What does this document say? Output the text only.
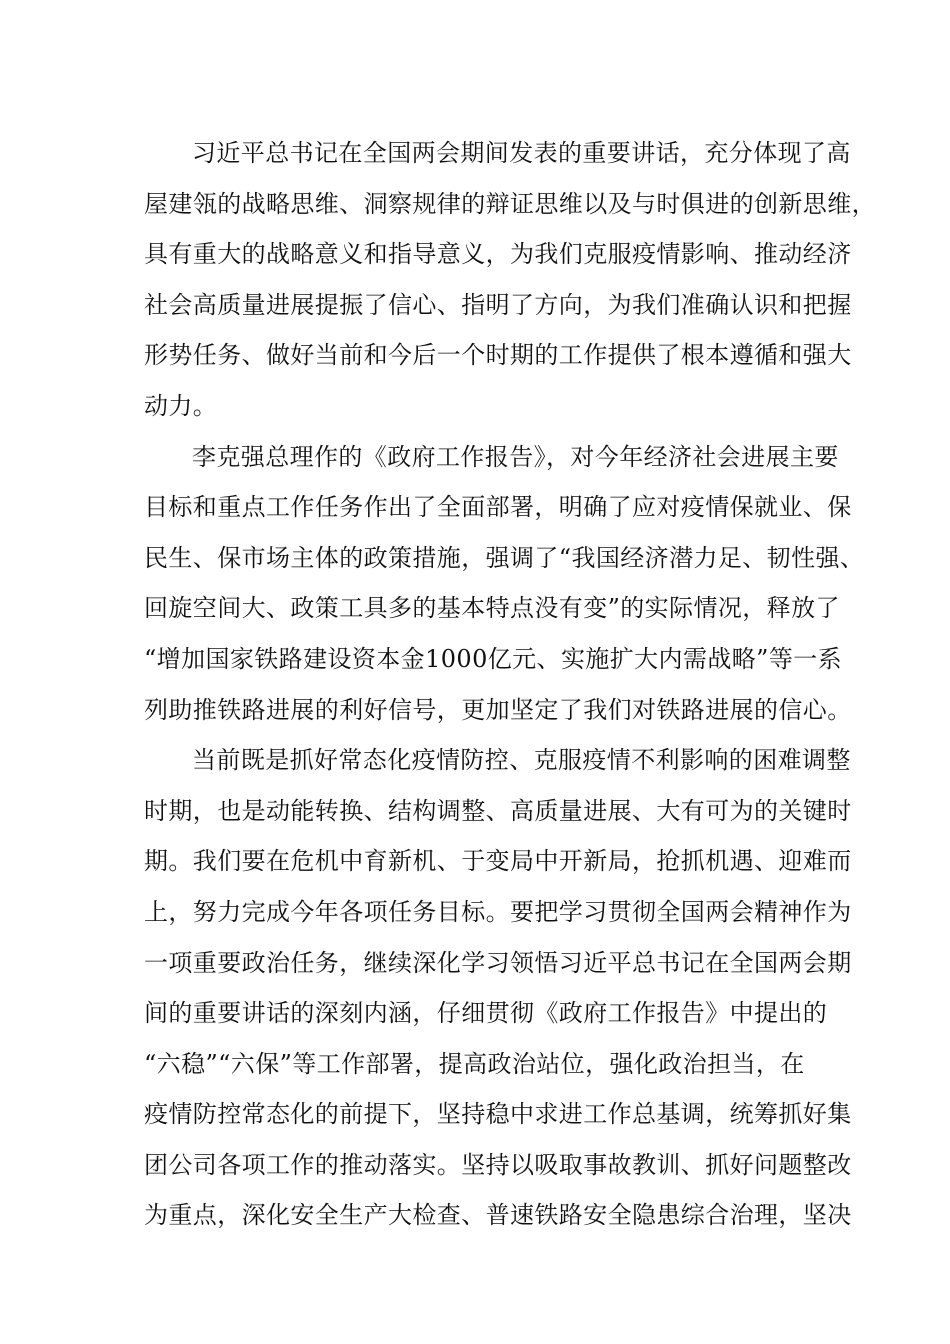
习近平总书记在全国两会期间发表的重要讲话，充分体现了高
屋建瓴的战略思维、洞察规律的辩证思维以及与时俱进的创新思维，
具有重大的战略意义和指导意义，为我们克服疫情影响、推动经济
社会高质量进展提振了信心、指明了方向，为我们准确认识和把握
形势任务、做好当前和今后一个时期的工作提供了根本遵循和强大
动力。
李克强总理作的《政府工作报告》，对今年经济社会进展主要
目标和重点工作任务作出了全面部署，明确了应对疫情保就业、保
民生、保市场主体的政策措施，强调了“我国经济潜力足、韧性强、
回旋空间大、政策工具多的基本特点没有变”的实际情况，释放了
“增加国家铁路建设资本金1000亿元、实施扩大内需战略”等一系
列助推铁路进展的利好信号，更加坚定了我们对铁路进展的信心。
当前既是抓好常态化疫情防控、克服疫情不利影响的困难调整
时期，也是动能转换、结构调整、高质量进展、大有可为的关键时
期。我们要在危机中育新机、于变局中开新局，抢抓机遇、迎难而
上，努力完成今年各项任务目标。要把学习贯彻全国两会精神作为
一项重要政治任务，继续深化学习领悟习近平总书记在全国两会期
间的重要讲话的深刻内涵，仔细贯彻《政府工作报告》中提出的
“六稳”“六保”等工作部署，提高政治站位，强化政治担当，在
疫情防控常态化的前提下，坚持稳中求进工作总基调，统筹抓好集
团公司各项工作的推动落实。坚持以吸取事故教训、抓好问题整改
为重点，深化安全生产大检查、普速铁路安全隐患综合治理，坚决
